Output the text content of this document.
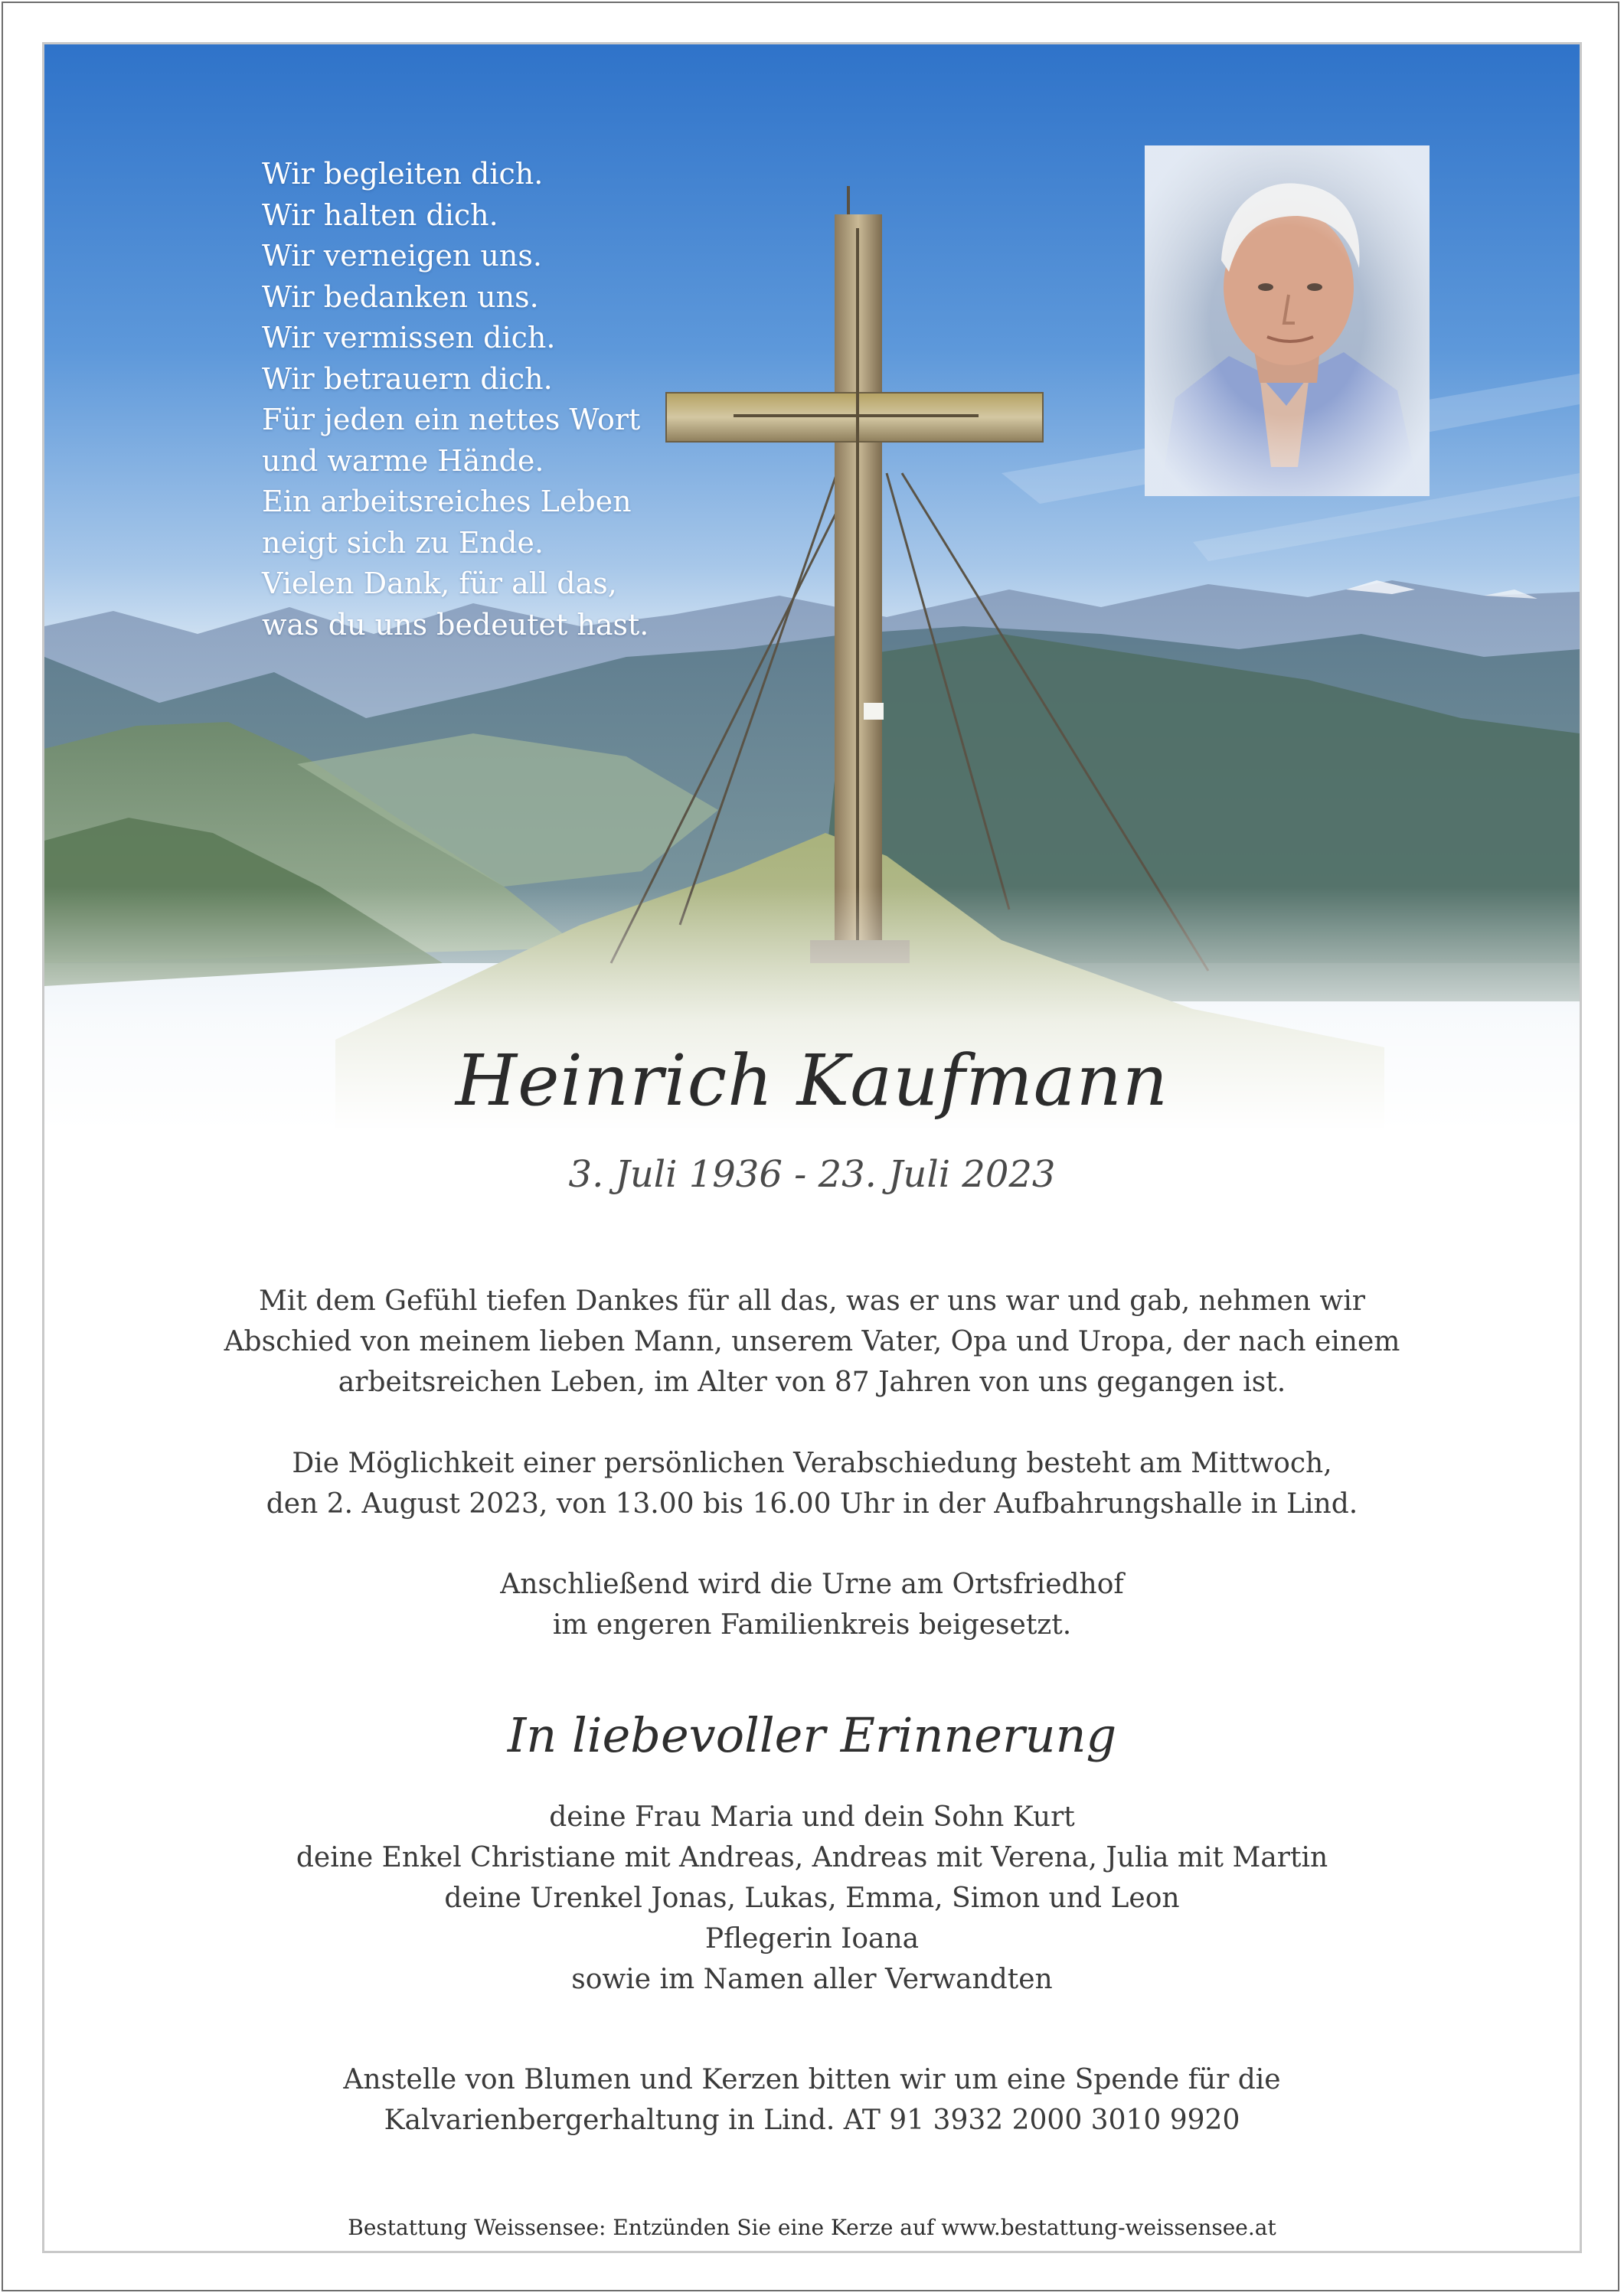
Wir begleiten dich.
Wir halten dich.
Wir verneigen uns.
Wir bedanken uns.
Wir vermissen dich.
Wir betrauern dich.
Für jeden ein nettes Wort
und warme Hände.
Ein arbeitsreiches Leben
neigt sich zu Ende.
Vielen Dank, für all das,
was du uns bedeutet hast.
Heinrich Kaufmann
3. Juli 1936 - 23. Juli 2023
Mit dem Gefühl tiefen Dankes für all das, was er uns war und gab, nehmen wir
Abschied von meinem lieben Mann, unserem Vater, Opa und Uropa, der nach einem
arbeitsreichen Leben, im Alter von 87 Jahren von uns gegangen ist.
Die Möglichkeit einer persönlichen Verabschiedung besteht am Mittwoch,
den 2. August 2023, von 13.00 bis 16.00 Uhr in der Aufbahrungshalle in Lind.
Anschließend wird die Urne am Ortsfriedhof
im engeren Familienkreis beigesetzt.
In liebevoller Erinnerung
deine Frau Maria und dein Sohn Kurt
deine Enkel Christiane mit Andreas, Andreas mit Verena, Julia mit Martin
deine Urenkel Jonas, Lukas, Emma, Simon und Leon
Pflegerin Ioana
sowie im Namen aller Verwandten
Anstelle von Blumen und Kerzen bitten wir um eine Spende für die
Kalvarienbergerhaltung in Lind. AT 91 3932 2000 3010 9920
Bestattung Weissensee: Entzünden Sie eine Kerze auf www.bestattung-weissensee.at
